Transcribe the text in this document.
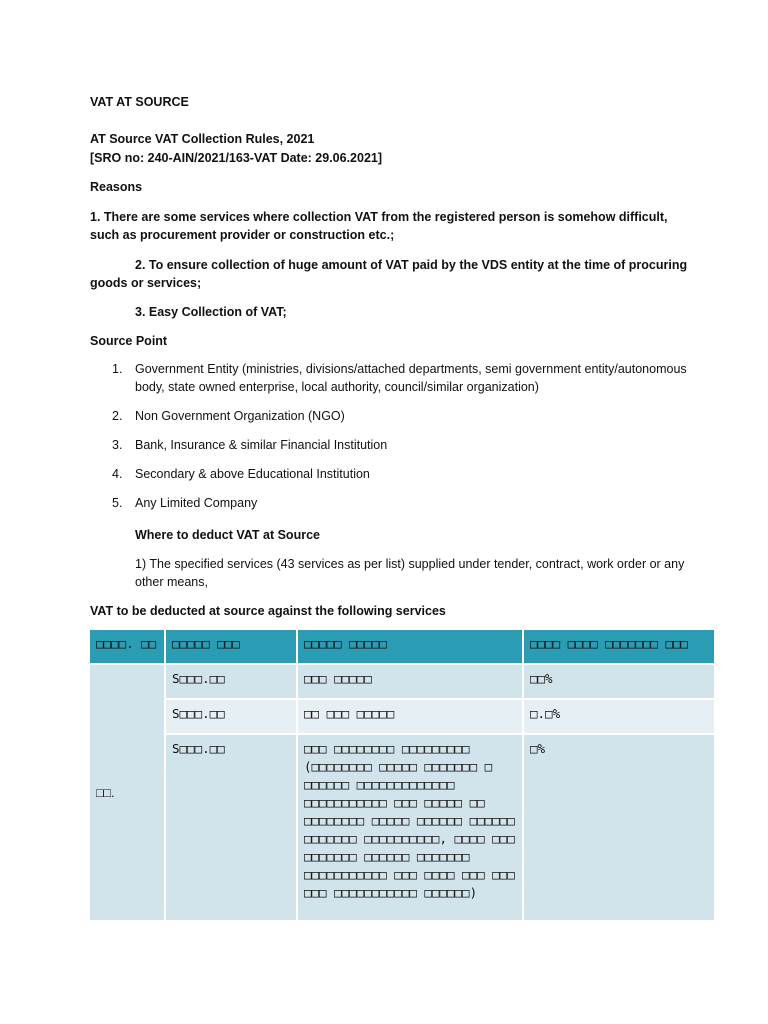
VAT AT SOURCE
AT Source VAT Collection Rules, 2021
[SRO no: 240-AIN/2021/163-VAT Date: 29.06.2021]
Reasons
1. There are some services where collection VAT from the registered person is somehow difficult, such as procurement provider or construction etc.;
2. To ensure collection of huge amount of VAT paid by the VDS entity at the time of procuring goods or services;
3. Easy Collection of VAT;
Source Point
1. Government Entity (ministries, divisions/attached departments, semi government entity/autonomous body, state owned enterprise, local authority, council/similar organization)
2. Non Government Organization (NGO)
3. Bank, Insurance & similar Financial Institution
4. Secondary & above Educational Institution
5. Any Limited Company
Where to deduct VAT at Source
1) The specified services (43 services as per list) supplied under tender, contract, work order or any other means,
VAT to be deducted at source against the following services
□□□□. □□	□□□□□ □□□	□□□□□ □□□□□	□□□□ □□□□ □□□□□□□ □□□
□□.	S□□□.□□	□□□ □□□□□	□□%
	S□□□.□□	□□ □□□ □□□□□	□.□%
	S□□□.□□	□□□ □□□□□□□□ □□□□□□□□□ (□□□□□□□□ □□□□□ □□□□□□□ □ □□□□□□ □□□□□□□□□□□□□ □□□□□□□□□□□ □□□ □□□□□ □□ □□□□□□□□ □□□□□ □□□□□□ □□□□□□ □□□□□□□ □□□□□□□□□□, □□□□ □□□ □□□□□□□ □□□□□□ □□□□□□□ □□□□□□□□□□□ □□□ □□□□ □□□ □□□ □□□ □□□□□□□□□□□ □□□□□□)	□%
